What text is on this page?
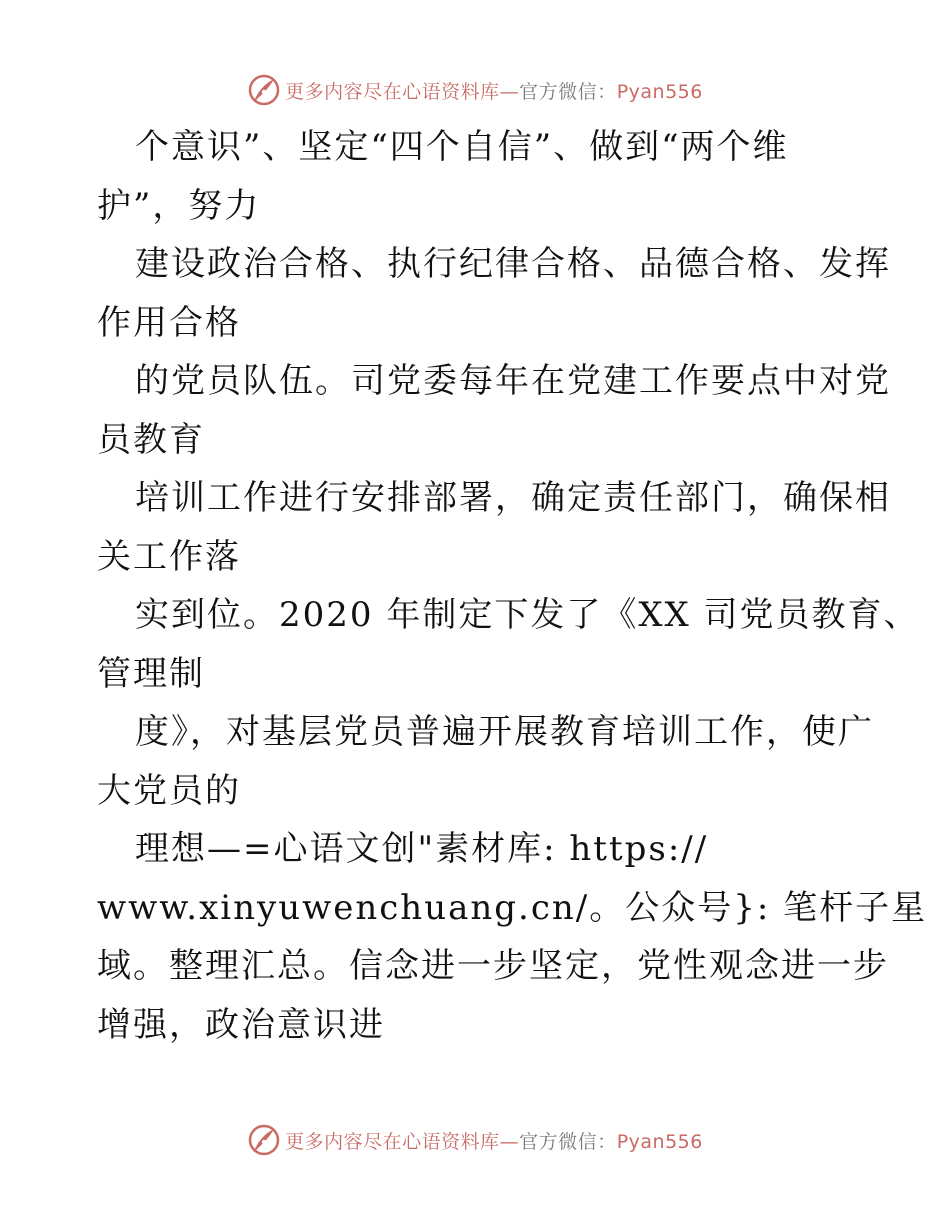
更多内容尽在心语资料库—官方微信：Pyan556
个意识”、坚定“四个自信”、做到“两个维
护”，努力
建设政治合格、执行纪律合格、品德合格、发挥
作用合格
的党员队伍。司党委每年在党建工作要点中对党
员教育
培训工作进行安排部署，确定责任部门，确保相
关工作落
实到位。2020 年制定下发了《XX 司党员教育、
管理制
度》，对基层党员普遍开展教育培训工作，使广
大党员的
理想—=心语文创"素材库: https://
www.xinyuwenchuang.cn/。公众号}: 笔杆子星
域。整理汇总。信念进一步坚定，党性观念进一步
增强，政治意识进
更多内容尽在心语资料库—官方微信：Pyan556
